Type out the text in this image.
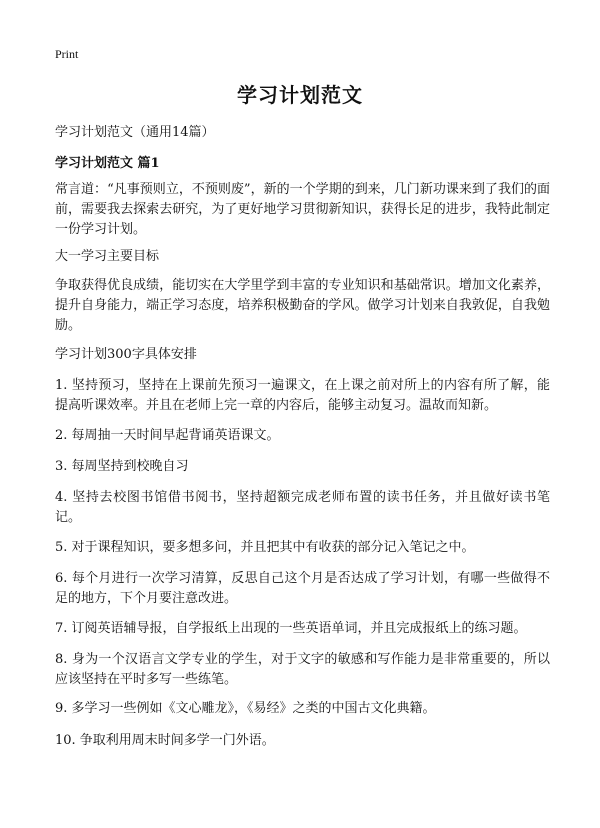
Print
学习计划范文
学习计划范文（通用14篇）
学习计划范文 篇1

常言道：“凡事预则立，不预则废”，新的一个学期的到来，几门新功课来到了我们的面前，需要我去探索去研究，为了更好地学习贯彻新知识，获得长足的进步，我特此制定一份学习计划。

大一学习主要目标

争取获得优良成绩，能切实在大学里学到丰富的专业知识和基础常识。增加文化素养，提升自身能力，端正学习态度，培养积极勤奋的学风。做学习计划来自我敦促，自我勉励。

学习计划300字具体安排

1. 坚持预习，坚持在上课前先预习一遍课文，在上课之前对所上的内容有所了解，能提高听课效率。并且在老师上完一章的内容后，能够主动复习。温故而知新。

2. 每周抽一天时间早起背诵英语课文。

3. 每周坚持到校晚自习

4. 坚持去校图书馆借书阅书，坚持超额完成老师布置的读书任务，并且做好读书笔记。

5. 对于课程知识，要多想多问，并且把其中有收获的部分记入笔记之中。

6. 每个月进行一次学习清算，反思自己这个月是否达成了学习计划，有哪一些做得不足的地方，下个月要注意改进。

7. 订阅英语辅导报，自学报纸上出现的一些英语单词，并且完成报纸上的练习题。

8. 身为一个汉语言文学专业的学生，对于文字的敏感和写作能力是非常重要的，所以应该坚持在平时多写一些练笔。

9. 多学习一些例如《文心雕龙》，《易经》之类的中国古文化典籍。

10. 争取利用周末时间多学一门外语。
